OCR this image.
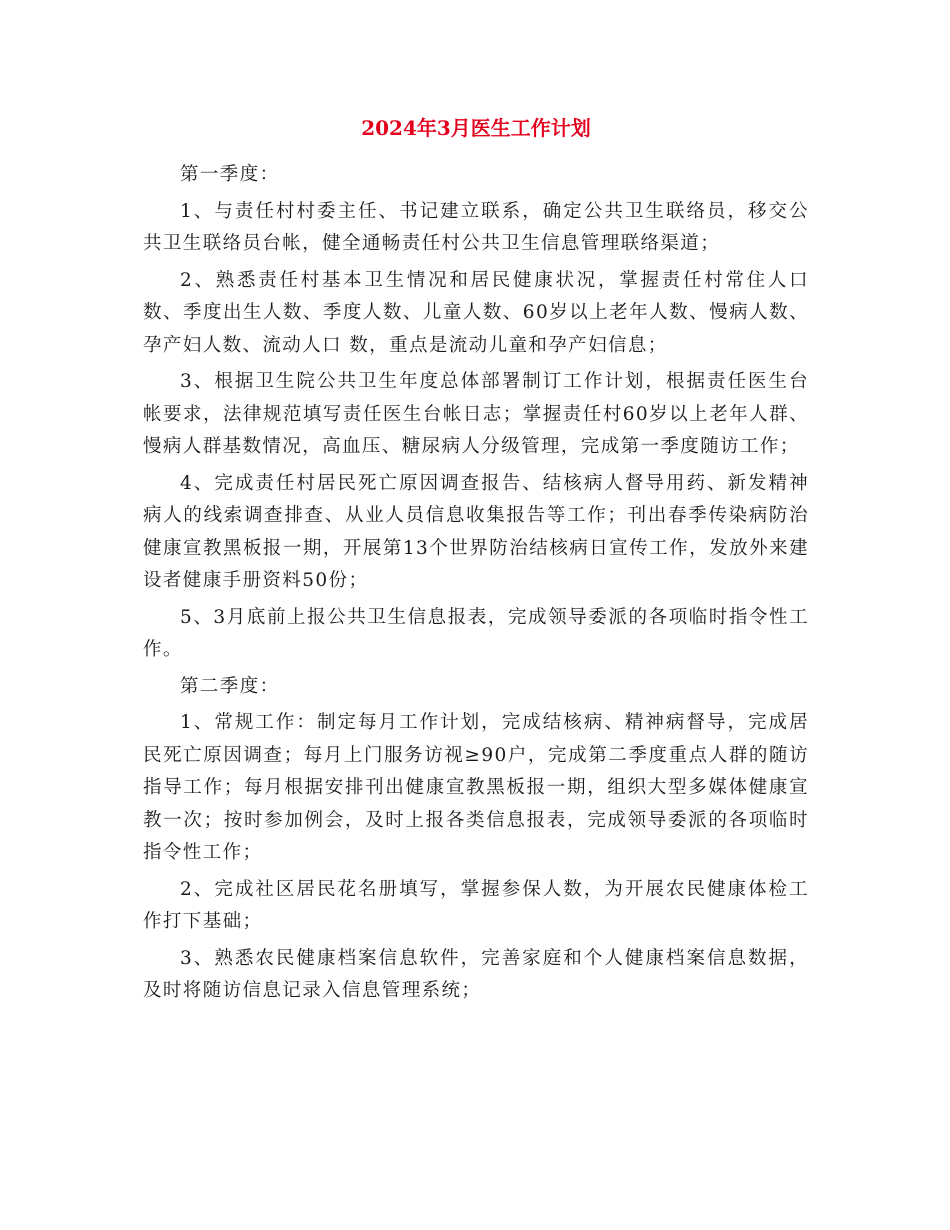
2024年3月医生工作计划

第一季度：

1、与责任村村委主任、书记建立联系，确定公共卫生联络员，移交公共卫生联络员台帐，健全通畅责任村公共卫生信息管理联络渠道；

2、熟悉责任村基本卫生情况和居民健康状况，掌握责任村常住人口数、季度出生人数、季度人数、儿童人数、60岁以上老年人数、慢病人数、孕产妇人数、流动人口 数，重点是流动儿童和孕产妇信息；

3、根据卫生院公共卫生年度总体部署制订工作计划，根据责任医生台帐要求，法律规范填写责任医生台帐日志；掌握责任村60岁以上老年人群、慢病人群基数情况，高血压、糖尿病人分级管理，完成第一季度随访工作；

4、完成责任村居民死亡原因调查报告、结核病人督导用药、新发精神病人的线索调查排查、从业人员信息收集报告等工作；刊出春季传染病防治健康宣教黑板报一期，开展第13个世界防治结核病日宣传工作，发放外来建设者健康手册资料50份；

5、3月底前上报公共卫生信息报表，完成领导委派的各项临时指令性工作。

第二季度：

1、常规工作：制定每月工作计划，完成结核病、精神病督导，完成居民死亡原因调查；每月上门服务访视≥90户，完成第二季度重点人群的随访指导工作；每月根据安排刊出健康宣教黑板报一期，组织大型多媒体健康宣教一次；按时参加例会，及时上报各类信息报表，完成领导委派的各项临时指令性工作；

2、完成社区居民花名册填写，掌握参保人数，为开展农民健康体检工作打下基础；

3、熟悉农民健康档案信息软件，完善家庭和个人健康档案信息数据，及时将随访信息记录入信息管理系统；
